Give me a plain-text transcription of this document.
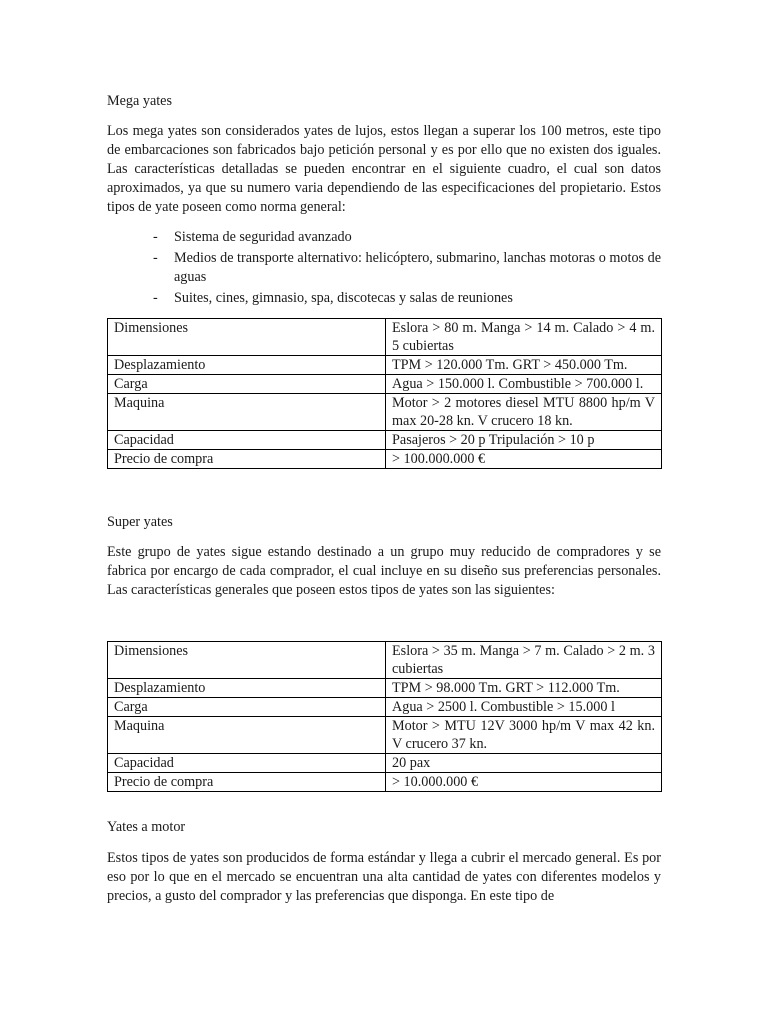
Mega yates

Los mega yates son considerados yates de lujos, estos llegan a superar los 100 metros, este tipo de embarcaciones son fabricados bajo petición personal y es por ello que no existen dos iguales. Las características detalladas se pueden encontrar en el siguiente cuadro, el cual son datos aproximados, ya que su numero varia dependiendo de las especificaciones del propietario. Estos tipos de yate poseen como norma general:

- Sistema de seguridad avanzado
- Medios de transporte alternativo: helicóptero, submarino, lanchas motoras o motos de aguas
- Suites, cines, gimnasio, spa, discotecas y salas de reuniones
Dimensiones	Eslora > 80 m. Manga > 14 m. Calado > 4 m. 5 cubiertas
Desplazamiento	TPM > 120.000 Tm. GRT > 450.000 Tm.
Carga	Agua > 150.000 l. Combustible > 700.000 l.
Maquina	Motor > 2 motores diesel MTU 8800 hp/m V max 20-28 kn. V crucero 18 kn.
Capacidad	Pasajeros > 20 p Tripulación > 10 p
Precio de compra	> 100.000.000 €

Super yates

Este grupo de yates sigue estando destinado a un grupo muy reducido de compradores y se fabrica por encargo de cada comprador, el cual incluye en su diseño sus preferencias personales. Las características generales que poseen estos tipos de yates son las siguientes:

Dimensiones	Eslora > 35 m. Manga > 7 m. Calado > 2 m. 3 cubiertas
Desplazamiento	TPM > 98.000 Tm. GRT > 112.000 Tm.
Carga	Agua > 2500 l. Combustible > 15.000 l
Maquina	Motor > MTU 12V 3000 hp/m V max 42 kn. V crucero 37 kn.
Capacidad	20 pax
Precio de compra	> 10.000.000 €

Yates a motor

Estos tipos de yates son producidos de forma estándar y llega a cubrir el mercado general. Es por eso por lo que en el mercado se encuentran una alta cantidad de yates con diferentes modelos y precios, a gusto del comprador y las preferencias que disponga. En este tipo de
